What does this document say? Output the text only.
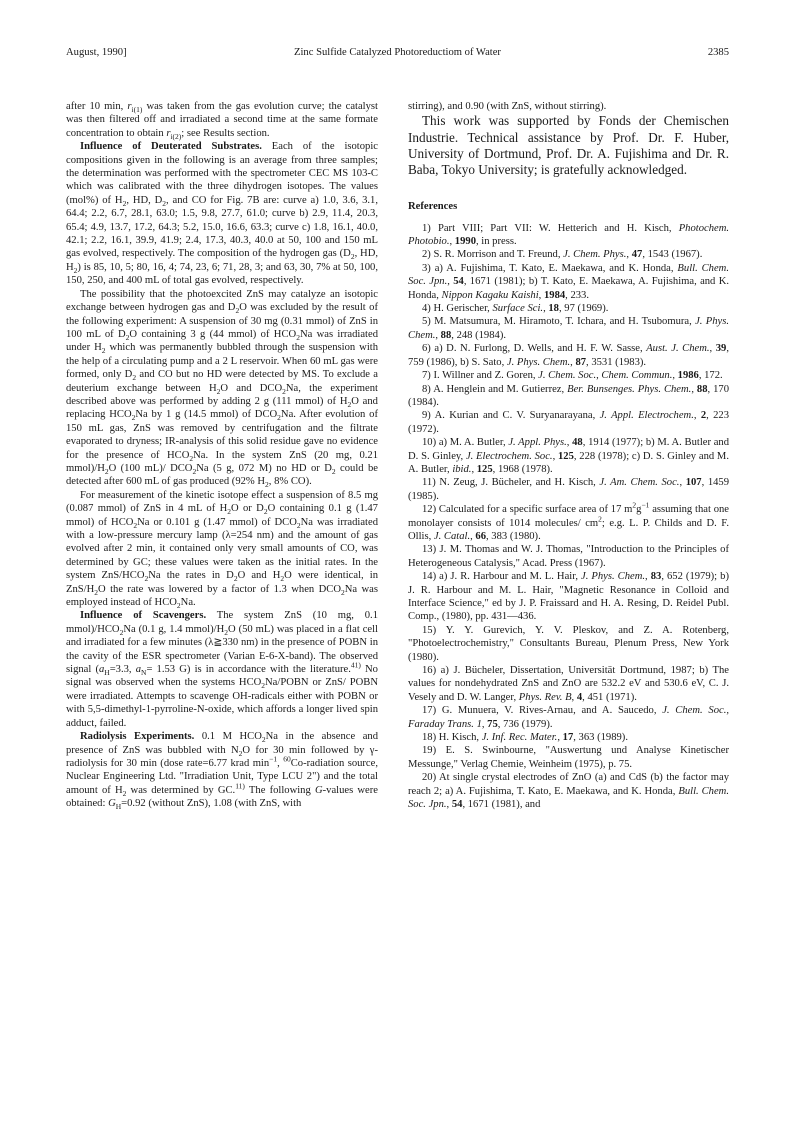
August, 1990]	Zinc Sulfide Catalyzed Photoreductiom of Water	2385

after 10 min, $r_{i(1)}$ was taken from the gas evolution curve; the catalyst was then filtered off and irradiated a second time at the same formate concentration to obtain $r_{i(2)}$; see Results section.

Influence of Deuterated Substrates. Each of the isotopic compositions given in the following is an average from three samples; the determination was performed with the spectrometer CEC MS 103-C which was calibrated with the three dihydrogen isotopes. The values (mol%) of $H_2$, HD, $D_2$, and CO for Fig. 7B are: curve a) 1.0, 3.6, 3.1, 64.4; 2.2, 6.7, 28.1, 63.0; 1.5, 9.8, 27.7, 61.0; curve b) 2.9, 11.4, 20.3, 65.4; 4.9, 13.7, 17.2, 64.3; 5.2, 15.0, 16.6, 63.3; curve c) 1.8, 16.1, 40.0, 42.1; 2.2, 16.1, 39.9, 41.9; 2.4, 17.3, 40.3, 40.0 at 50, 100 and 150 mL gas evolved, respectively. The composition of the hydrogen gas ($D_2$, HD, $H_2$) is 85, 10, 5; 80, 16, 4; 74, 23, 6; 71, 28, 3; and 63, 30, 7% at 50, 100, 150, 250, and 400 mL of total gas evolved, respectively.

The possibility that the photoexcited ZnS may catalyze an isotopic exchange between hydrogen gas and $D_2O$ was excluded by the result of the following experiment: A suspension of 30 mg (0.31 mmol) of ZnS in 100 mL of $D_2O$ containing 3 g (44 mmol) of $HCO_2Na$ was irradiated under $H_2$ which was permanently bubbled through the suspension with the help of a circulating pump and a 2 L reservoir. When 60 mL gas were formed, only $D_2$ and CO but no HD were detected by MS. To exclude a deuterium exchange between $H_2O$ and $DCO_2Na$, the experiment described above was performed by adding 2 g (111 mmol) of $H_2O$ and replacing $HCO_2Na$ by 1 g (14.5 mmol) of $DCO_2Na$. After evolution of 150 mL gas, ZnS was removed by centrifugation and the filtrate evaporated to dryness; IR-analysis of this solid residue gave no evidence for the presence of $HCO_2Na$. In the system ZnS (20 mg, 0.21 $mmol)/H_2O$ (100 mL)/ $DCO_2Na$ (5 g, 072 M) no HD or $D_2$ could be detected after 600 mL of gas produced (92% $H_2$, 8% CO).

For measurement of the kinetic isotope effect a suspension of 8.5 mg (0.087 mmol) of ZnS in 4 mL of $H_2O$ or $D_2O$ containing 0.1 g (1.47 mmol) of $HCO_2Na$ or 0.101 g (1.47 mmol) of $DCO_2Na$ was irradiated with a low-pressure mercury lamp (λ=254 nm) and the amount of gas evolved after 2 min, it contained only very small amounts of CO, was determined by GC; these values were taken as the initial rates. In the system ZnS/$HCO_2Na$ the rates in $D_2O$ and $H_2O$ were identical, in ZnS/$H_2O$ the rate was lowered by a factor of 1.3 when $DCO_2Na$ was employed instead of $HCO_2Na$.

Influence of Scavengers. The system ZnS (10 mg, 0.1 $mmol)/HCO_2Na$ (0.1 g, 1.4 $mmol)/H_2O$ (50 mL) was placed in a flat cell and irradiated for a few minutes (λ≧330 nm) in the presence of POBN in the cavity of the ESR spectrometer (Varian E-6-X-band). The observed signal ($a_H=3.3$, $a_N= 1.53$ G) is in accordance with the literature.$^{41)}$ No signal was observed when the systems $HCO_2Na$/POBN or ZnS/ POBN were irradiated. Attempts to scavenge OH-radicals either with POBN or with 5,5-dimethyl-1-pyrroline-N-oxide, which affords a longer lived spin adduct, failed.

Radiolysis Experiments. 0.1 M $HCO_2Na$ in the absence and presence of ZnS was bubbled with $N_2O$ for 30 min followed by γ-radiolysis for 30 min (dose rate=6.77 krad $\min^{-1}$, $^{60}$Co-radiation source, Nuclear Engineering Ltd. "Irradiation Unit, Type LCU 2") and the total amount of $H_2$ was determined by GC.$^{11)}$ The following G-values were obtained: $G_H=0.92$ (without ZnS), 1.08 (with ZnS, with

stirring), and 0.90 (with ZnS, without stirring).

This work was supported by Fonds der Chemischen Industrie. Technical assistance by Prof. Dr. F. Huber, University of Dortmund, Prof. Dr. A. Fujishima and Dr. R. Baba, Tokyo University; is gratefully acknowledged.

References

1) Part VIII; Part VII: W. Hetterich and H. Kisch, Photochem. Photobio., 1990, in press.

2) S. R. Morrison and T. Freund, J. Chem. Phys., 47, 1543 (1967).

3) a) A. Fujishima, T. Kato, E. Maekawa, and K. Honda, Bull. Chem. Soc. Jpn., 54, 1671 (1981); b) T. Kato, E. Maekawa, A. Fujishima, and K. Honda, Nippon Kagaku Kaishi, 1984, 233.

4) H. Gerischer, Surface Sci., 18, 97 (1969).

5) M. Matsumura, M. Hiramoto, T. Ichara, and H. Tsubomura, J. Phys. Chem., 88, 248 (1984).

6) a) D. N. Furlong, D. Wells, and H. F. W. Sasse, Aust. J. Chem., 39, 759 (1986), b) S. Sato, J. Phys. Chem., 87, 3531 (1983).

7) I. Willner and Z. Goren, J. Chem. Soc., Chem. Commun., 1986, 172.

8) A. Henglein and M. Gutierrez, Ber. Bunsenges. Phys. Chem., 88, 170 (1984).

9) A. Kurian and C. V. Suryanarayana, J. Appl. Electrochem., 2, 223 (1972).

10) a) M. A. Butler, J. Appl. Phys., 48, 1914 (1977); b) M. A. Butler and D. S. Ginley, J. Electrochem. Soc., 125, 228 (1978); c) D. S. Ginley and M. A. Butler, ibid., 125, 1968 (1978).

11) N. Zeug, J. Bücheler, and H. Kisch, J. Am. Chem. Soc., 107, 1459 (1985).

12) Calculated for a specific surface area of 17 $m^2g^{-1}$ assuming that one monolayer consists of 1014 molecules/ $cm^2$; e.g. L. P. Childs and D. F. Ollis, J. Catal., 66, 383 (1980).

13) J. M. Thomas and W. J. Thomas, "Introduction to the Principles of Heterogeneous Catalysis," Acad. Press (1967).

14) a) J. R. Harbour and M. L. Hair, J. Phys. Chem., 83, 652 (1979); b) J. R. Harbour and M. L. Hair, "Magnetic Resonance in Colloid and Interface Science," ed by J. P. Fraissard and H. A. Resing, D. Reidel Publ. Comp., (1980), pp. 431—436.

15) Y. Y. Gurevich, Y. V. Pleskov, and Z. A. Rotenberg, "Photoelectrochemistry," Consultants Bureau, Plenum Press, New York (1980).

16) a) J. Bücheler, Dissertation, Universität Dortmund, 1987; b) The values for nondehydrated ZnS and ZnO are 532.2 eV and 530.6 eV, C. J. Vesely and D. W. Langer, Phys. Rev. B, 4, 451 (1971).

17) G. Munuera, V. Rives-Arnau, and A. Saucedo, J. Chem. Soc., Faraday Trans. 1, 75, 736 (1979).

18) H. Kisch, J. Inf. Rec. Mater., 17, 363 (1989).

19) E. S. Swinbourne, "Auswertung und Analyse Kinetischer Messunge," Verlag Chemie, Weinheim (1975), p. 75.

20) At single crystal electrodes of ZnO (a) and CdS (b) the factor may reach 2; a) A. Fujishima, T. Kato, E. Maekawa, and K. Honda, Bull. Chem. Soc. Jpn., 54, 1671 (1981), and
